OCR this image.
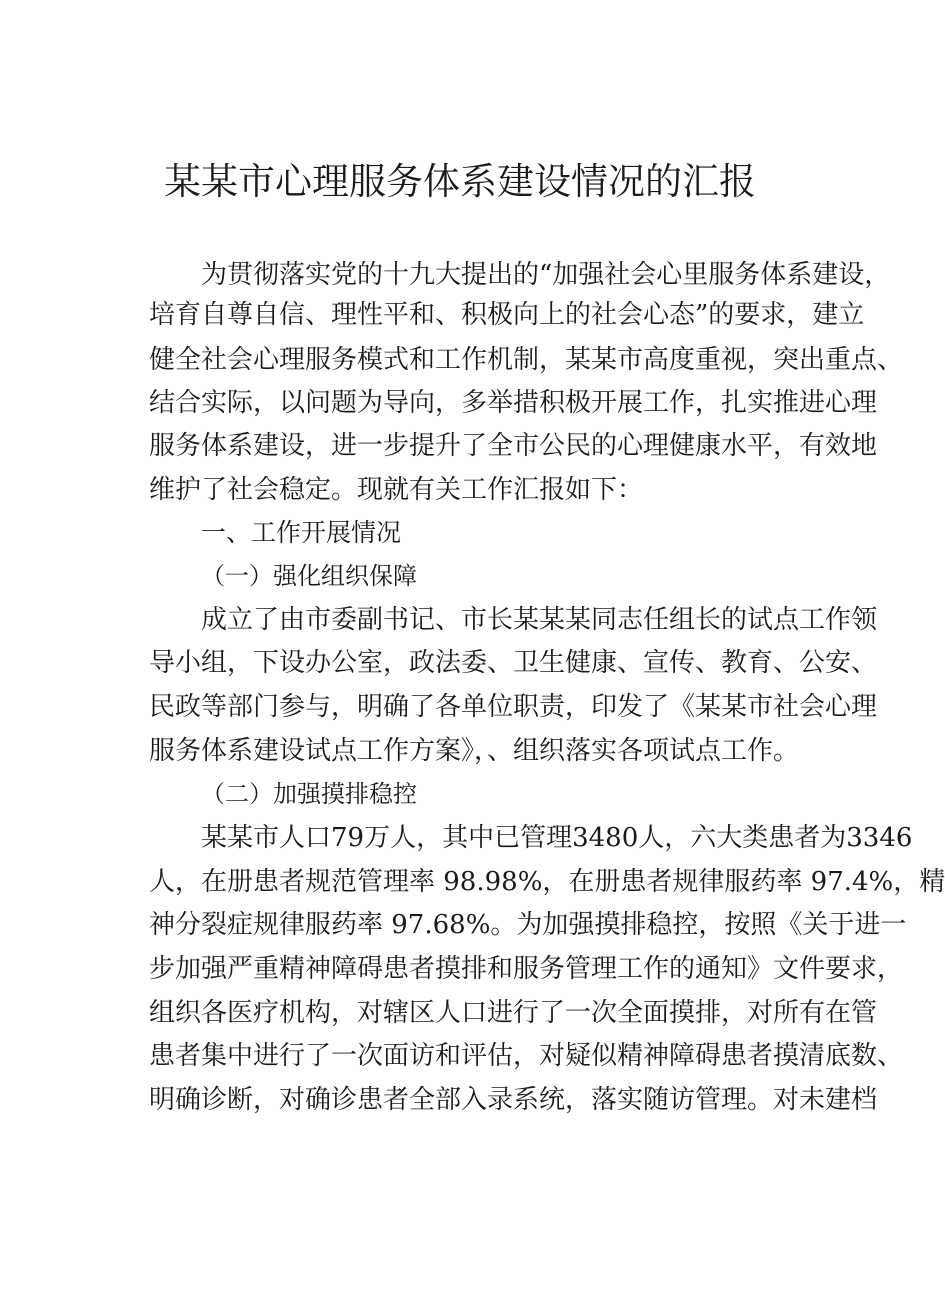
某某市心理服务体系建设情况的汇报
为贯彻落实党的十九大提出的“加强社会心里服务体系建设，
培育自尊自信、理性平和、积极向上的社会心态”的要求，建立
健全社会心理服务模式和工作机制，某某市高度重视，突出重点、
结合实际，以问题为导向，多举措积极开展工作，扎实推进心理
服务体系建设，进一步提升了全市公民的心理健康水平，有效地
维护了社会稳定。现就有关工作汇报如下：
一、工作开展情况
（一）强化组织保障
成立了由市委副书记、市长某某某同志任组长的试点工作领
导小组，下设办公室，政法委、卫生健康、宣传、教育、公安、
民政等部门参与，明确了各单位职责，印发了《某某市社会心理
服务体系建设试点工作方案》，、组织落实各项试点工作。
（二）加强摸排稳控
某某市人口79万人，其中已管理3480人，六大类患者为3346
人，在册患者规范管理率 98.98%，在册患者规律服药率 97.4%，精
神分裂症规律服药率 97.68%。为加强摸排稳控，按照《关于进一
步加强严重精神障碍患者摸排和服务管理工作的通知》文件要求，
组织各医疗机构，对辖区人口进行了一次全面摸排，对所有在管
患者集中进行了一次面访和评估，对疑似精神障碍患者摸清底数、
明确诊断，对确诊患者全部入录系统，落实随访管理。对未建档
